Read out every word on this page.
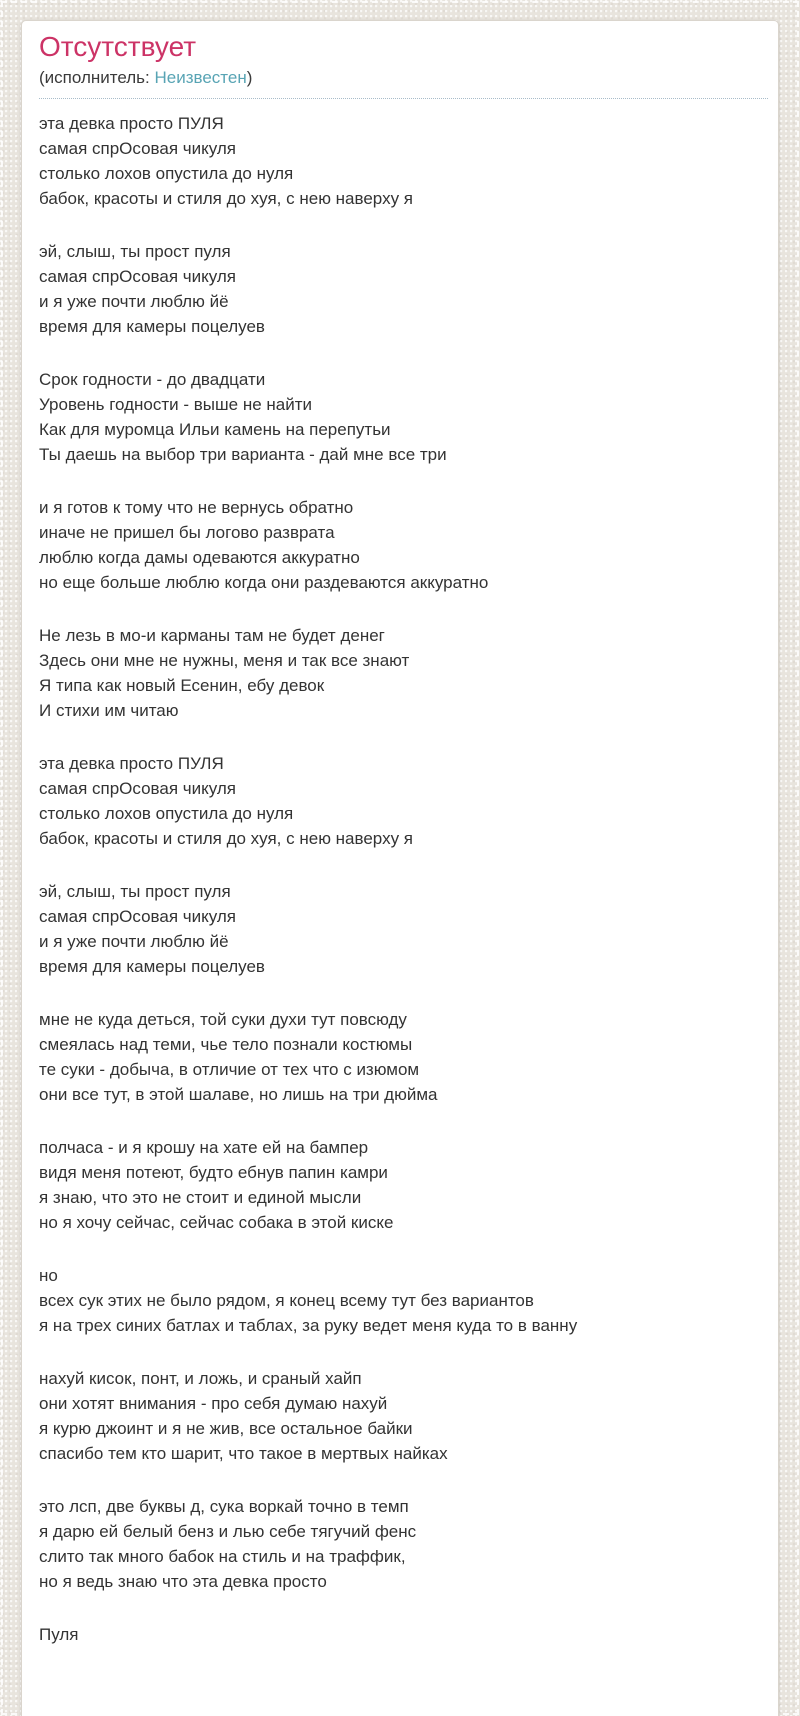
Отсутствует
(исполнитель: Неизвестен)

эта девка просто ПУЛЯ
самая спрОсовая чикуля
столько лохов опустила до нуля
бабок, красоты и стиля до хуя, с нею наверху я

эй, слыш, ты прост пуля
самая спрОсовая чикуля
и я уже почти люблю йё
время для камеры поцелуев

Срок годности - до двадцати
Уровень годности - выше не найти
Как для муромца Ильи камень на перепутьи
Ты даешь на выбор три варианта - дай мне все три

и я готов к тому что не вернусь обратно
иначе не пришел бы логово разврата
люблю когда дамы одеваются аккуратно
но еще больше люблю когда они раздеваются аккуратно

Не лезь в мо-и карманы там не будет денег
Здесь они мне не нужны, меня и так все знают
Я типа как новый Есенин, ебу девок
И стихи им читаю

эта девка просто ПУЛЯ
самая спрОсовая чикуля
столько лохов опустила до нуля
бабок, красоты и стиля до хуя, с нею наверху я

эй, слыш, ты прост пуля
самая спрОсовая чикуля
и я уже почти люблю йё
время для камеры поцелуев

мне не куда деться, той суки духи тут повсюду
смеялась над теми, чье тело познали костюмы
те суки - добыча, в отличие от тех что с изюмом
они все тут, в этой шалаве, но лишь на три дюйма

полчаса - и я крошу на хате ей на бампер
видя меня потеют, будто ебнув папин камри
я знаю, что это не стоит и единой мысли
но я хочу сейчас, сейчас собака в этой киске

но
всех сук этих не было рядом, я конец всему тут без вариантов
я на трех синих батлах и таблах, за руку ведет меня куда то в ванну

нахуй кисок, понт, и ложь, и сраный хайп
они хотят внимания - про себя думаю нахуй
я курю джоинт и я не жив, все остальное байки
спасибо тем кто шарит, что такое в мертвых найках

это лсп, две буквы д, сука воркай точно в темп
я дарю ей белый бенз и лью себе тягучий фенс
слито так много бабок на стиль и на траффик,
но я ведь знаю что эта девка просто

Пуля
